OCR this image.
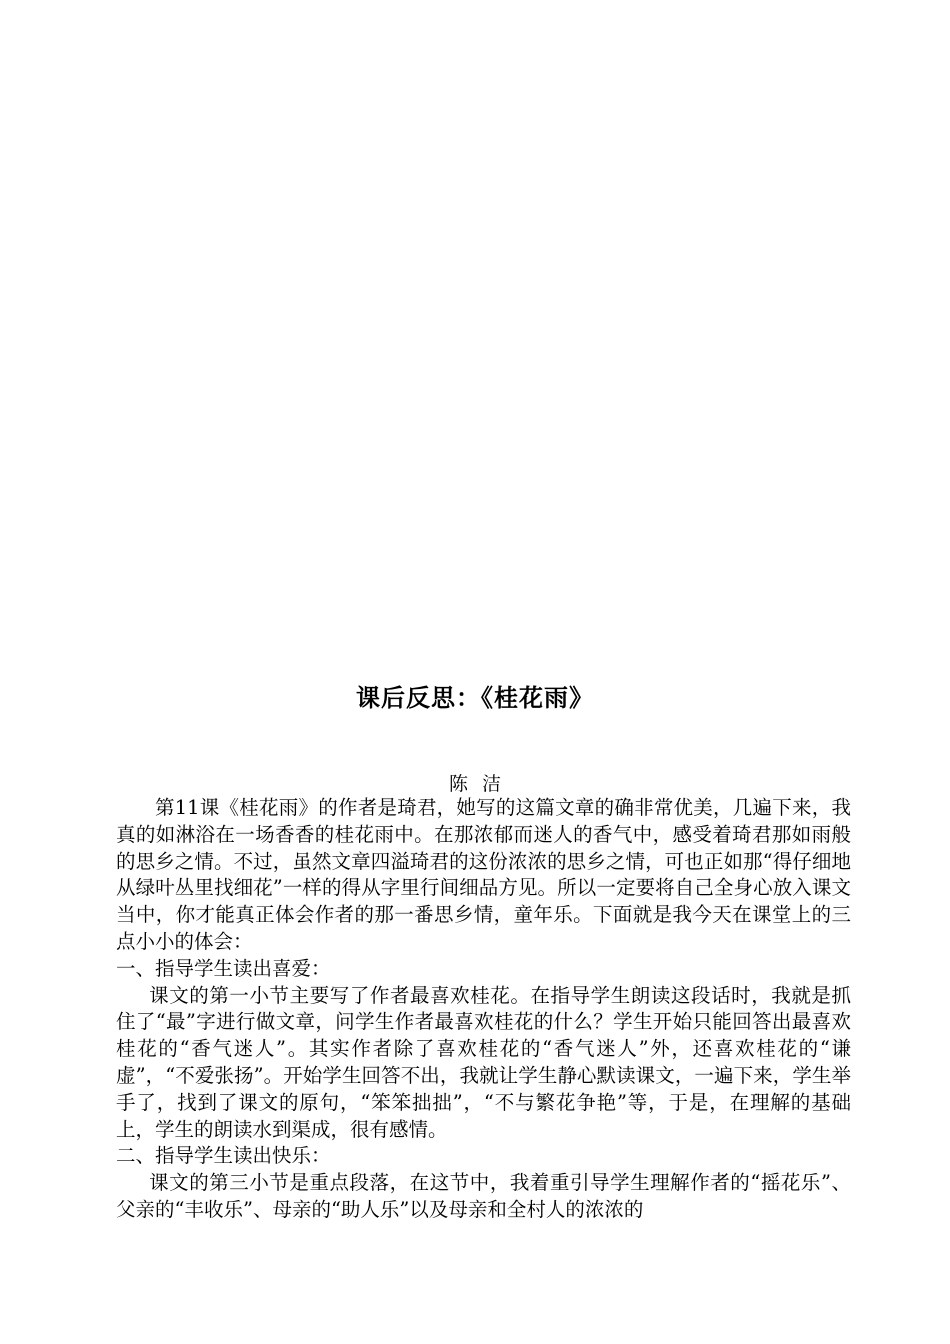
课后反思：《桂花雨》
陈洁

第11课《桂花雨》的作者是琦君，她写的这篇文章的确非常优美，几遍下来，我真的如淋浴在一场香香的桂花雨中。在那浓郁而迷人的香气中，感受着琦君那如雨般的思乡之情。不过，虽然文章四溢琦君的这份浓浓的思乡之情，可也正如那“得仔细地从绿叶丛里找细花”一样的得从字里行间细品方见。所以一定要将自己全身心放入课文当中，你才能真正体会作者的那一番思乡情，童年乐。下面就是我今天在课堂上的三点小小的体会：

一、指导学生读出喜爱：

课文的第一小节主要写了作者最喜欢桂花。在指导学生朗读这段话时，我就是抓住了“最”字进行做文章，问学生作者最喜欢桂花的什么？学生开始只能回答出最喜欢桂花的“香气迷人”。其实作者除了喜欢桂花的“香气迷人”外，还喜欢桂花的“谦虚”，“不爱张扬”。开始学生回答不出，我就让学生静心默读课文，一遍下来，学生举手了，找到了课文的原句，“笨笨拙拙”，“不与繁花争艳”等，于是，在理解的基础上，学生的朗读水到渠成，很有感情。

二、指导学生读出快乐：

课文的第三小节是重点段落，在这节中，我着重引导学生理解作者的“摇花乐”、父亲的“丰收乐”、母亲的“助人乐”以及母亲和全村人的浓浓的
